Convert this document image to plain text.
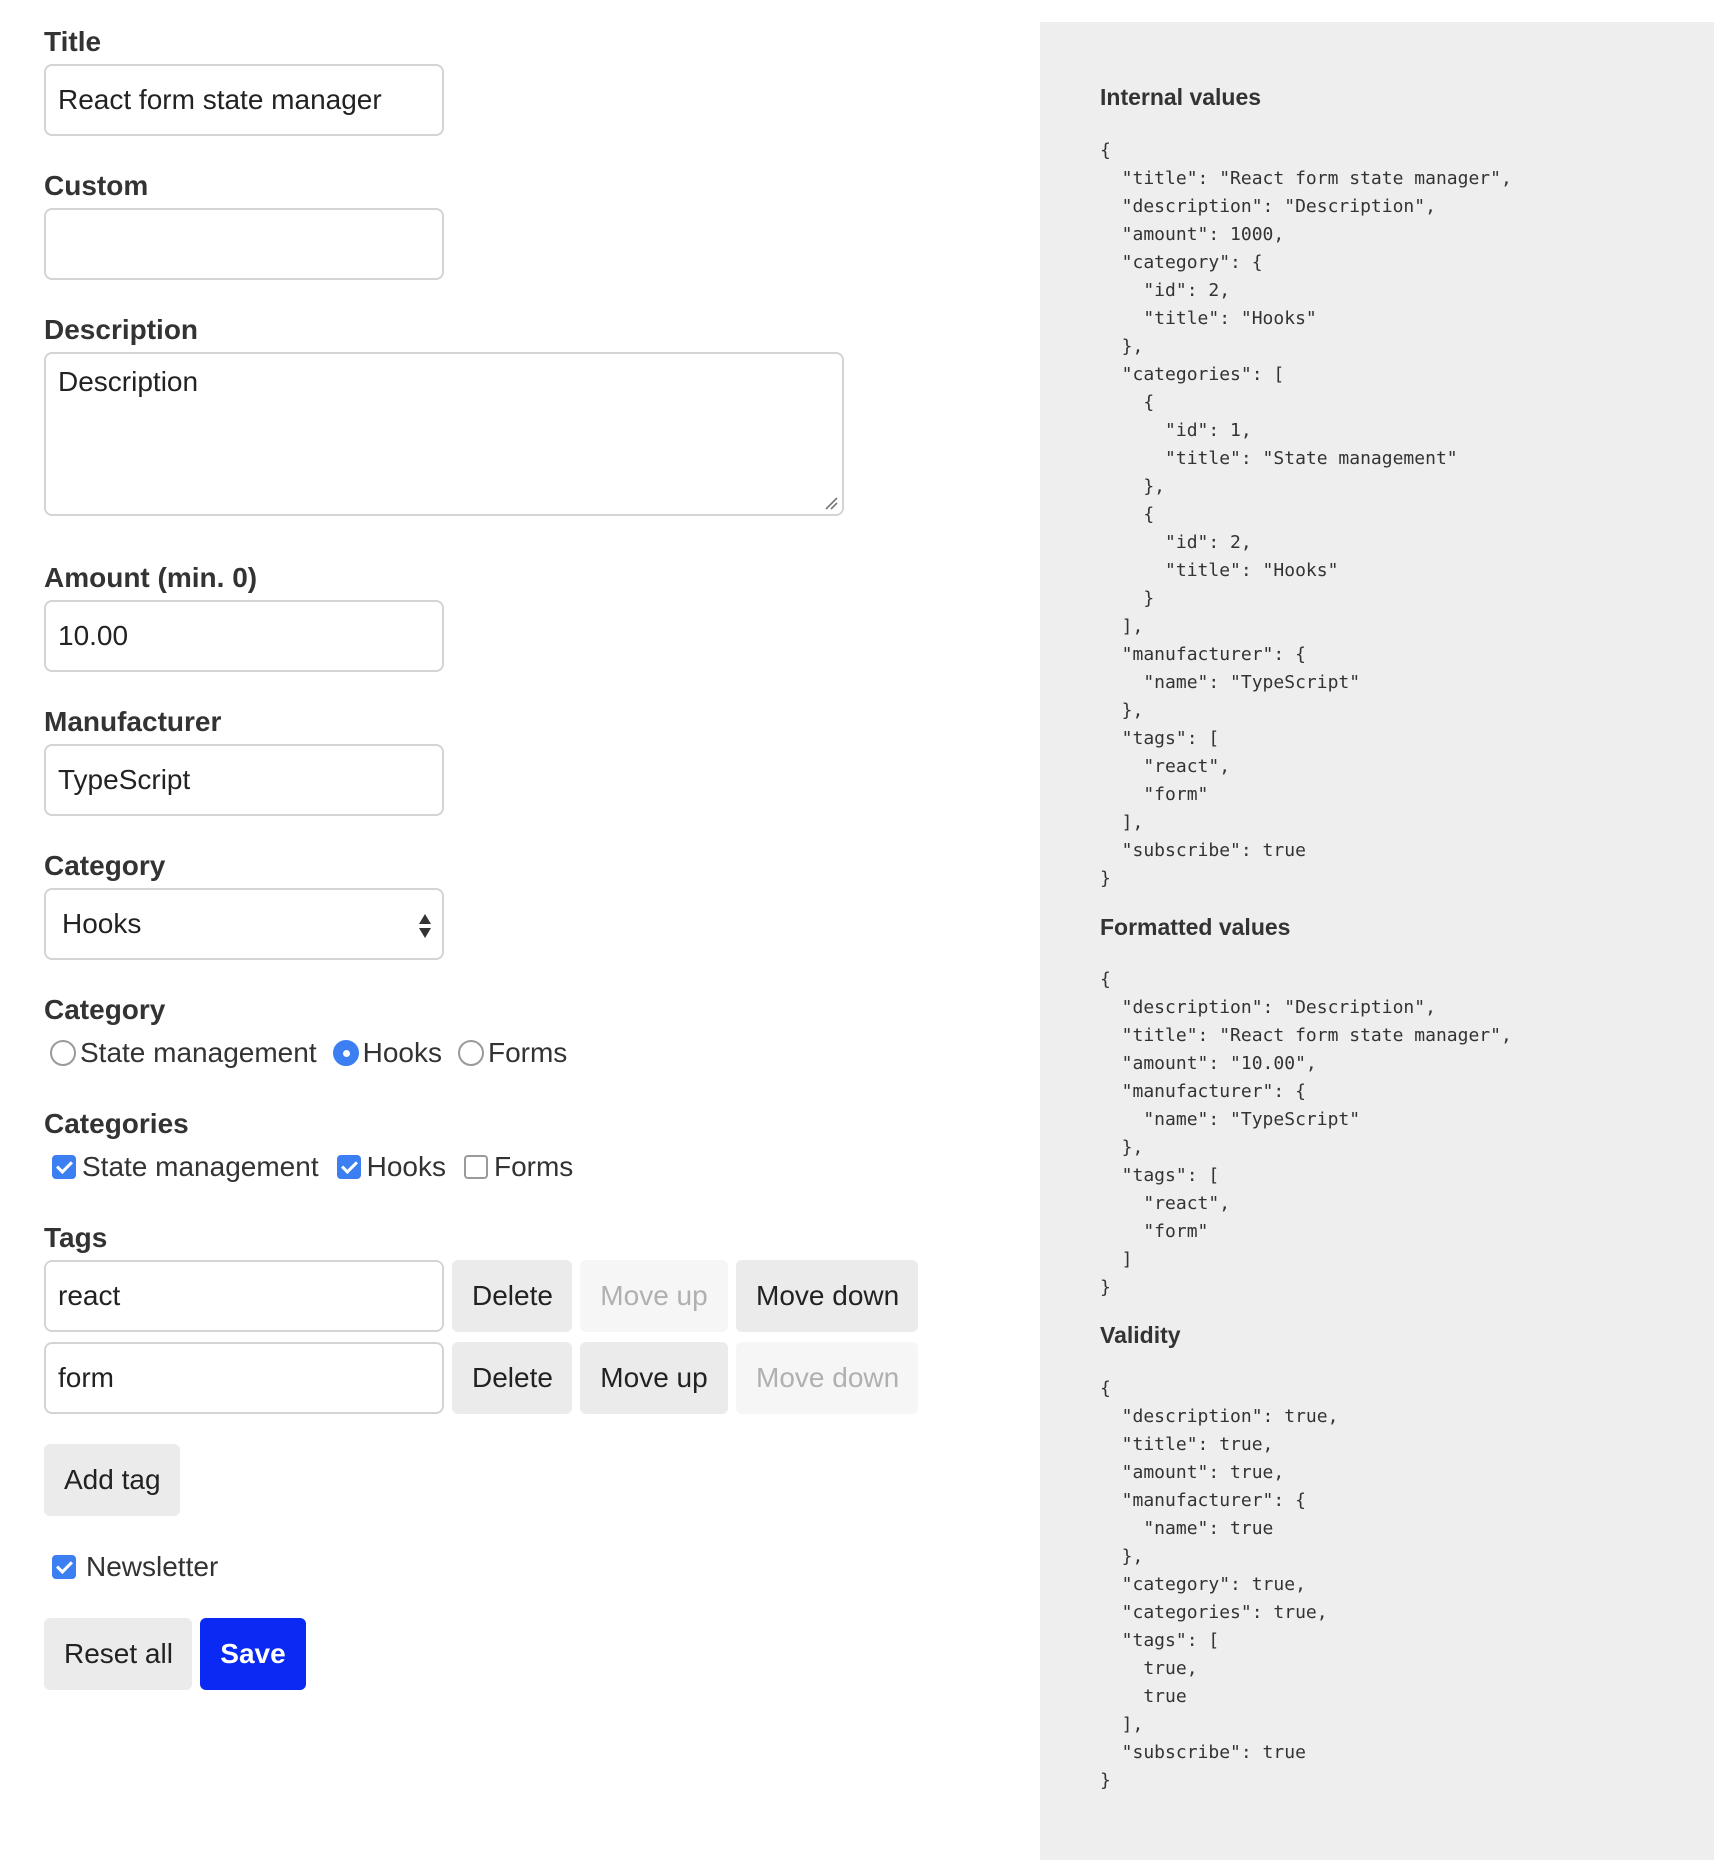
Title
React form state manager
Custom
Description
Description
Amount (min. 0)
10.00
Manufacturer
TypeScript
Category
Hooks
Category
State management Hooks Forms
Categories
State management Hooks Forms
Tags
react	Delete	Move up	Move down
form	Delete	Move up	Move down
Add tag
Newsletter
Reset all	Save
Internal values
{
"title": "React form state manager",
"description": "Description",
"amount": 1000,
"category": {
"id": 2,
"title": "Hooks"
},
"categories": [
{
"id": 1,
"title": "State management"
},
{
"id": 2,
"title": "Hooks"
}
],
"manufacturer": {
"name": "TypeScript"
},
"tags": [
"react",
"form"
],
"subscribe": true
}
Formatted values
{
"description": "Description",
"title": "React form state manager",
"amount": "10.00",
"manufacturer": {
"name": "TypeScript"
},
"tags": [
"react",
"form"
]
}
Validity
{
"description": true,
"title": true,
"amount": true,
"manufacturer": {
"name": true
},
"category": true,
"categories": true,
"tags": [
true,
true
],
"subscribe": true
}
